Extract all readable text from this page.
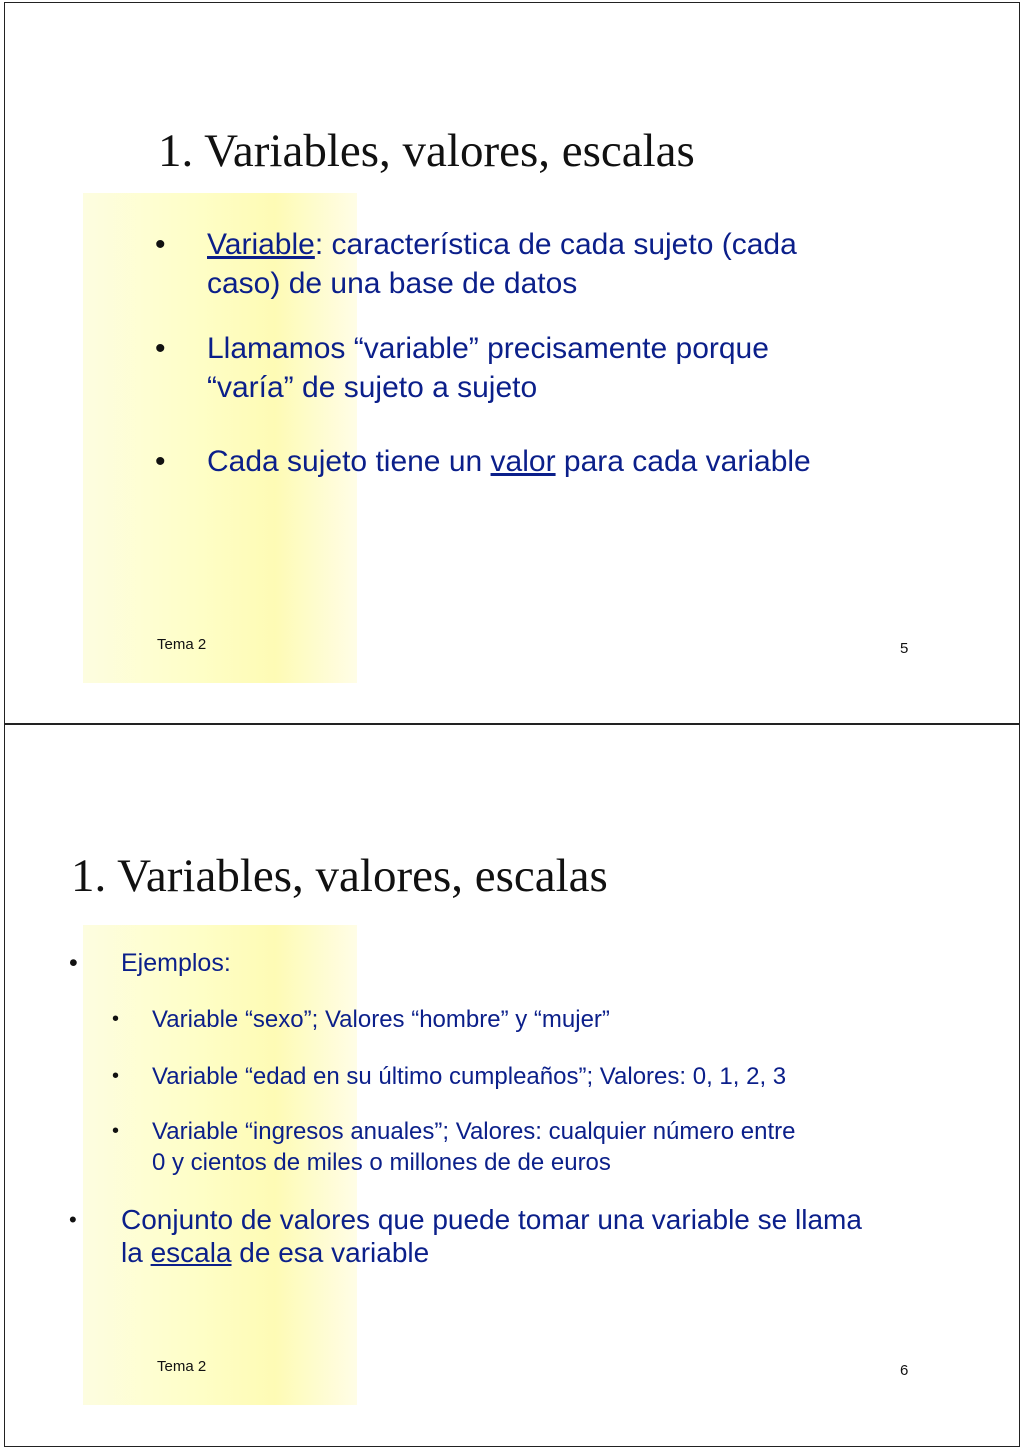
1. Variables, valores, escalas
• Variable: característica de cada sujeto (cada
caso) de una base de datos
• Llamamos “variable” precisamente porque
“varía” de sujeto a sujeto
• Cada sujeto tiene un valor para cada variable
Tema 2	5
1. Variables, valores, escalas
• Ejemplos:
• Variable “sexo”; Valores “hombre” y “mujer”
• Variable “edad en su último cumpleaños”; Valores: 0, 1, 2, 3
• Variable “ingresos anuales”; Valores: cualquier número entre
0 y cientos de miles o millones de de euros
• Conjunto de valores que puede tomar una variable se llama
la escala de esa variable
Tema 2	6
